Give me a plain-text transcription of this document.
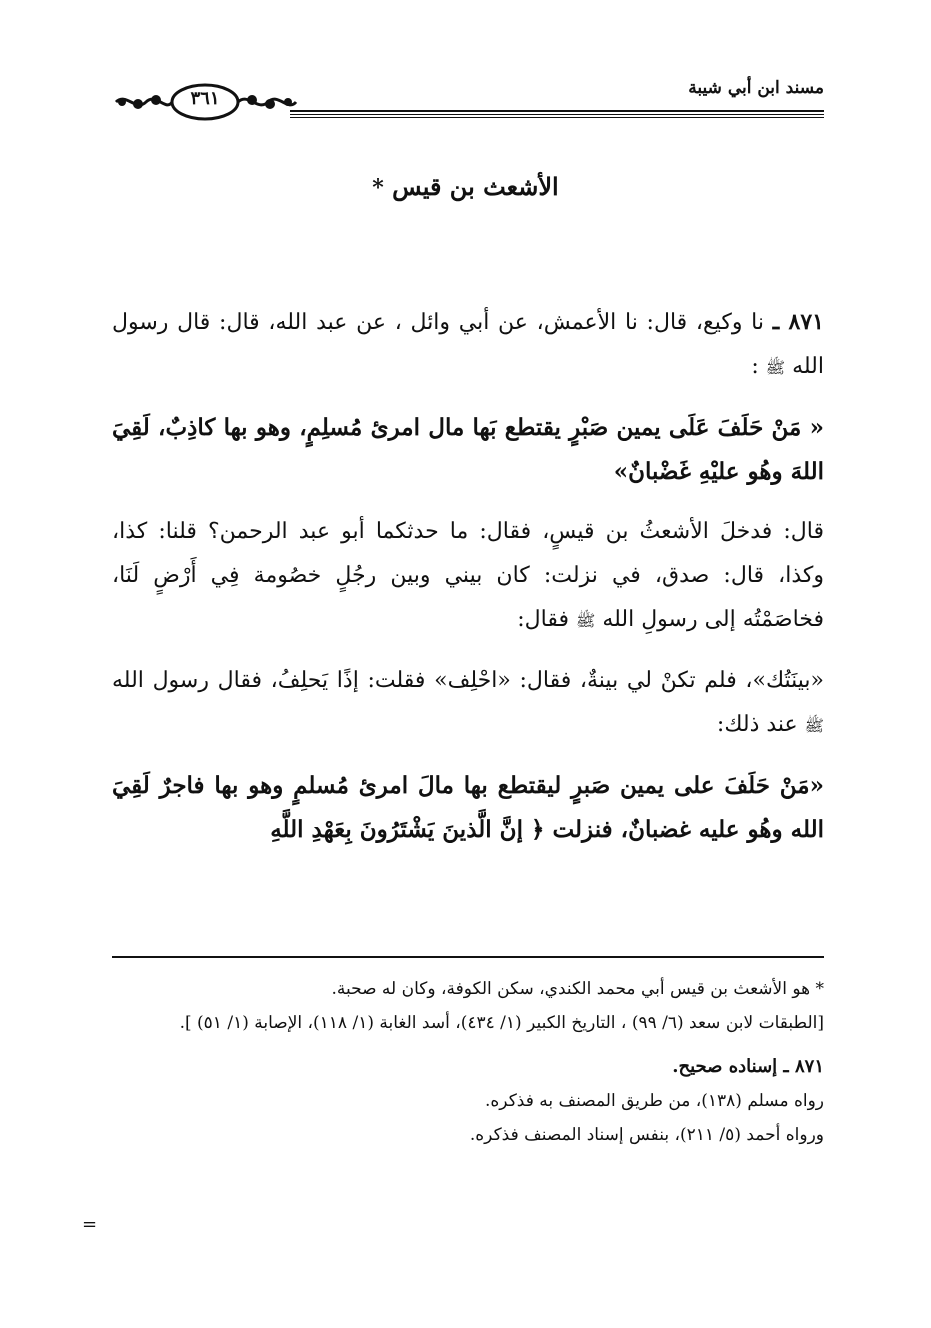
مسند ابن أبي شيبة
٣٦١
الأشعث بن قيس *

٨٧١ ـ نا وكيع، قال: نا الأعمش، عن أبي وائل ، عن عبد الله، قال: قال رسول الله ﷺ :

« مَنْ حَلَفَ عَلَى يمين صَبْرٍ يقتطع بَها مال امرئ مُسلِمٍ، وهو بها كاذِبٌ، لَقِيَ اللهَ وهُو عليْهِ غَضْبانٌ»

قال: فدخلَ الأشعثُ بن قيسٍ، فقال: ما حدثكما أبو عبد الرحمن؟ قلنا: كذا، وكذا، قال: صدق، في نزلت: كان بيني وبين رجُلٍ خصُومة فِي أَرْضٍ لَنَا، فخاصَمْتُه إلى رسولِ الله ﷺ فقال:

«بينَتُك»، فلم تكنْ لي بينةٌ، فقال: «احْلِف» فقلت: إذًا يَحلِفُ، فقال رسول الله ﷺ عند ذلك:

«مَنْ حَلَفَ على يمين صَبرٍ ليقتطع بها مالَ امرئ مُسلمٍ وهو بها فاجرٌ لَقِيَ الله وهُو عليه غضبانٌ، فنزلت ﴿ إنَّ الَّذينَ يَشْتَرُونَ بِعَهْدِ اللَّهِ

* هو الأشعث بن قيس أبي محمد الكندي، سكن الكوفة، وكان له صحبة.

[الطبقات لابن سعد (٦/ ٩٩) ، التاريخ الكبير (١/ ٤٣٤)، أسد الغابة (١/ ١١٨)، الإصابة (١/ ٥١) ].

٨٧١ ـ إسناده صحيح.

رواه مسلم (١٣٨)، من طريق المصنف به فذكره.

ورواه أحمد (٥/ ٢١١)، بنفس إسناد المصنف فذكره.

=
